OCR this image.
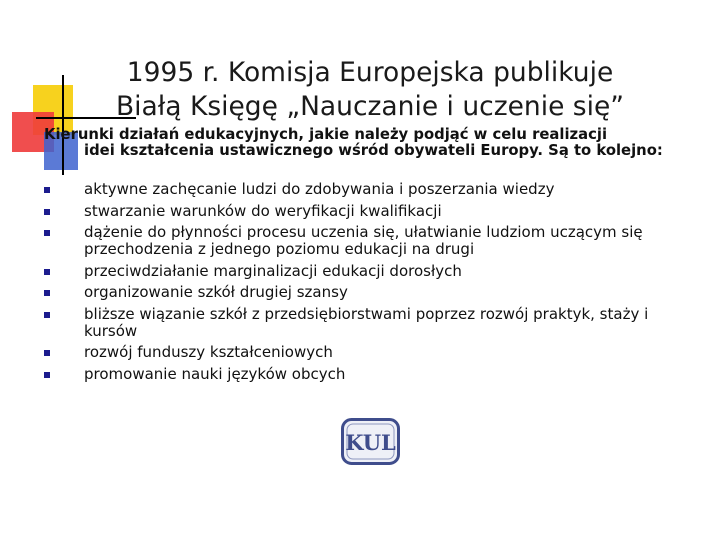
1995 r. Komisja Europejska publikuje
Białą Księgę „Nauczanie i uczenie się”
Kierunki działań edukacyjnych, jakie należy podjąć w celu realizacji
idei kształcenia ustawicznego wśród obywateli Europy. Są to kolejno:
aktywne zachęcanie ludzi do zdobywania i poszerzania wiedzy
stwarzanie warunków do weryfikacji kwalifikacji
dążenie do płynności procesu uczenia się, ułatwianie ludziom uczącym się przechodzenia z jednego poziomu edukacji na drugi
przeciwdziałanie marginalizacji edukacji dorosłych
organizowanie szkół drugiej szansy
bliższe wiązanie szkół z przedsiębiorstwami poprzez rozwój praktyk, staży i kursów
rozwój funduszy kształceniowych
promowanie nauki języków obcych
KUL
